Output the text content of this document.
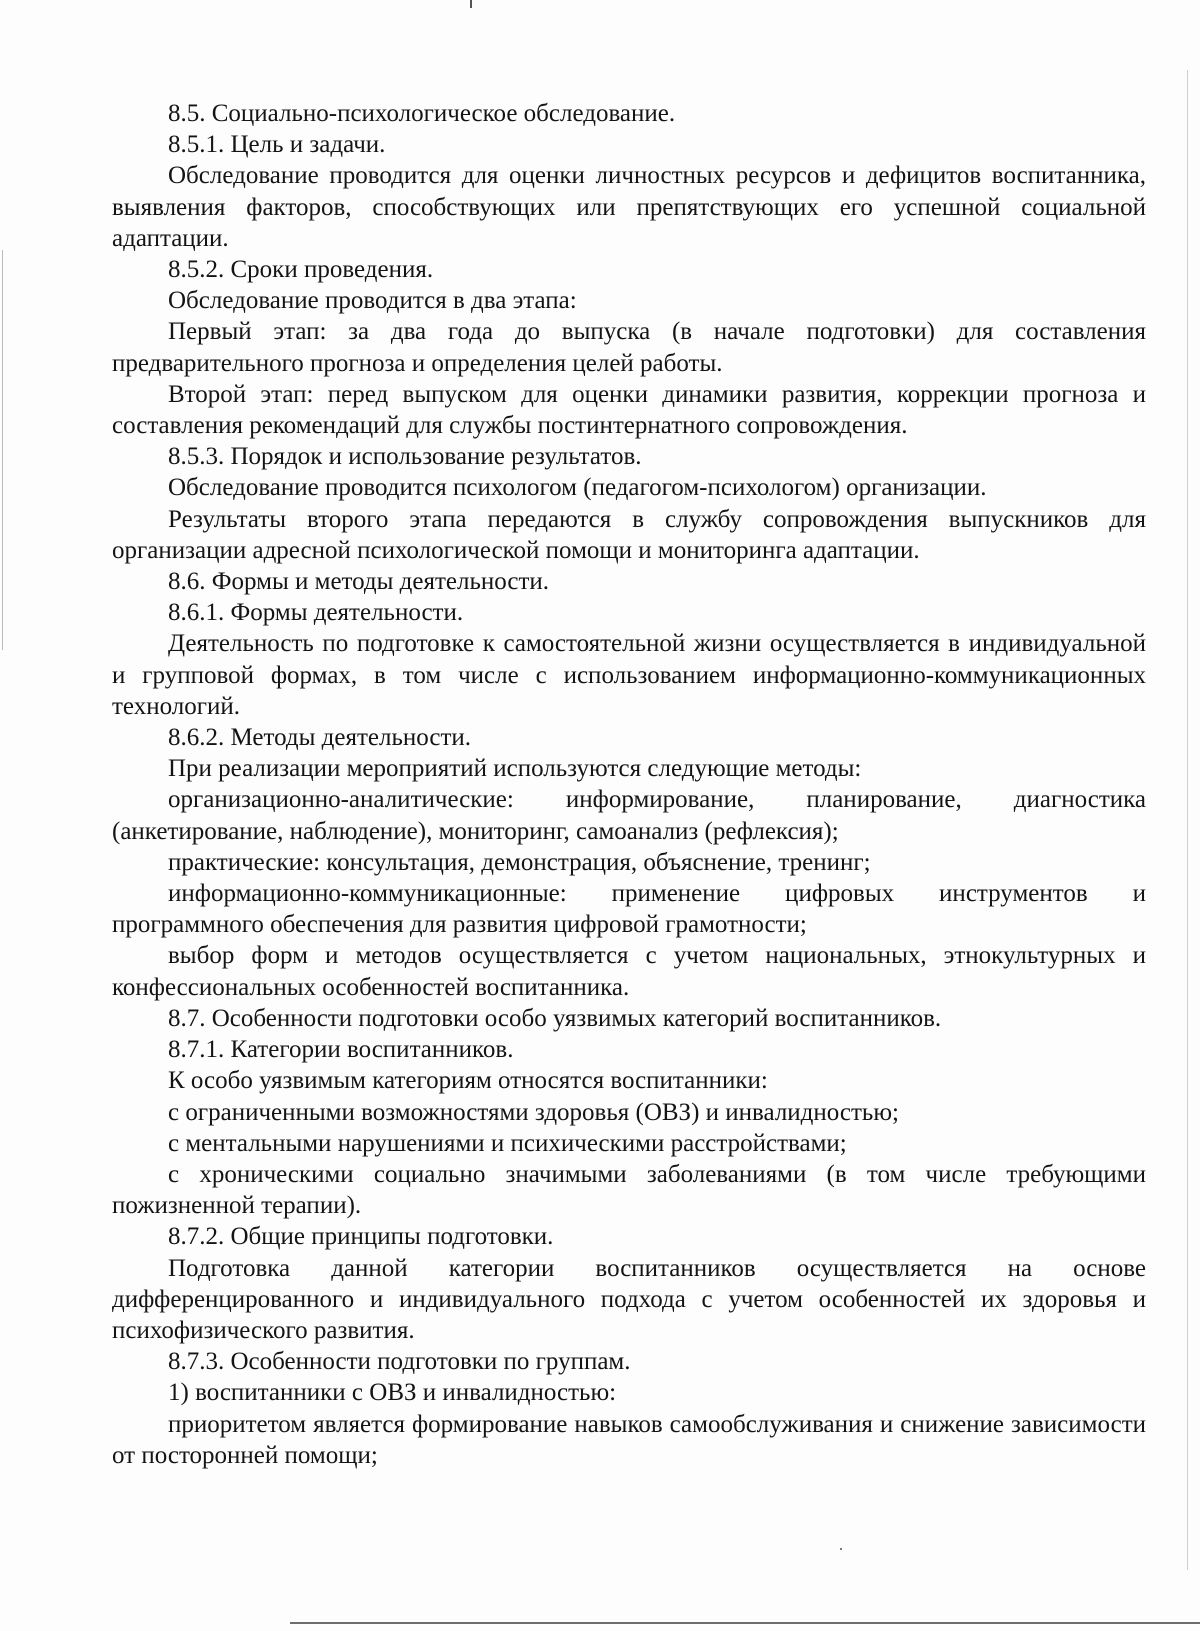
8.5. Социально-психологическое обследование.

8.5.1. Цель и задачи.

Обследование проводится для оценки личностных ресурсов и дефицитов воспитанника, выявления факторов, способствующих или препятствующих его успешной социальной адаптации.

8.5.2. Сроки проведения.

Обследование проводится в два этапа:

Первый этап: за два года до выпуска (в начале подготовки) для составления предварительного прогноза и определения целей работы.

Второй этап: перед выпуском для оценки динамики развития, коррекции прогноза и составления рекомендаций для службы постинтернатного сопровождения.

8.5.3. Порядок и использование результатов.

Обследование проводится психологом (педагогом-психологом) организации.

Результаты второго этапа передаются в службу сопровождения выпускников для организации адресной психологической помощи и мониторинга адаптации.

8.6. Формы и методы деятельности.

8.6.1. Формы деятельности.

Деятельность по подготовке к самостоятельной жизни осуществляется в индивидуальной и групповой формах, в том числе с использованием информационно-коммуникационных технологий.

8.6.2. Методы деятельности.

При реализации мероприятий используются следующие методы:

организационно-аналитические: информирование, планирование, диагностика (анкетирование, наблюдение), мониторинг, самоанализ (рефлексия);

практические: консультация, демонстрация, объяснение, тренинг;

информационно-коммуникационные: применение цифровых инструментов и программного обеспечения для развития цифровой грамотности;

выбор форм и методов осуществляется с учетом национальных, этнокультурных и конфессиональных особенностей воспитанника.

8.7. Особенности подготовки особо уязвимых категорий воспитанников.

8.7.1. Категории воспитанников.

К особо уязвимым категориям относятся воспитанники:

с ограниченными возможностями здоровья (ОВЗ) и инвалидностью;

с ментальными нарушениями и психическими расстройствами;

с хроническими социально значимыми заболеваниями (в том числе требующими пожизненной терапии).

8.7.2. Общие принципы подготовки.

Подготовка данной категории воспитанников осуществляется на основе дифференцированного и индивидуального подхода с учетом особенностей их здоровья и психофизического развития.

8.7.3. Особенности подготовки по группам.

1) воспитанники с ОВЗ и инвалидностью:

приоритетом является формирование навыков самообслуживания и снижение зависимости от посторонней помощи;
